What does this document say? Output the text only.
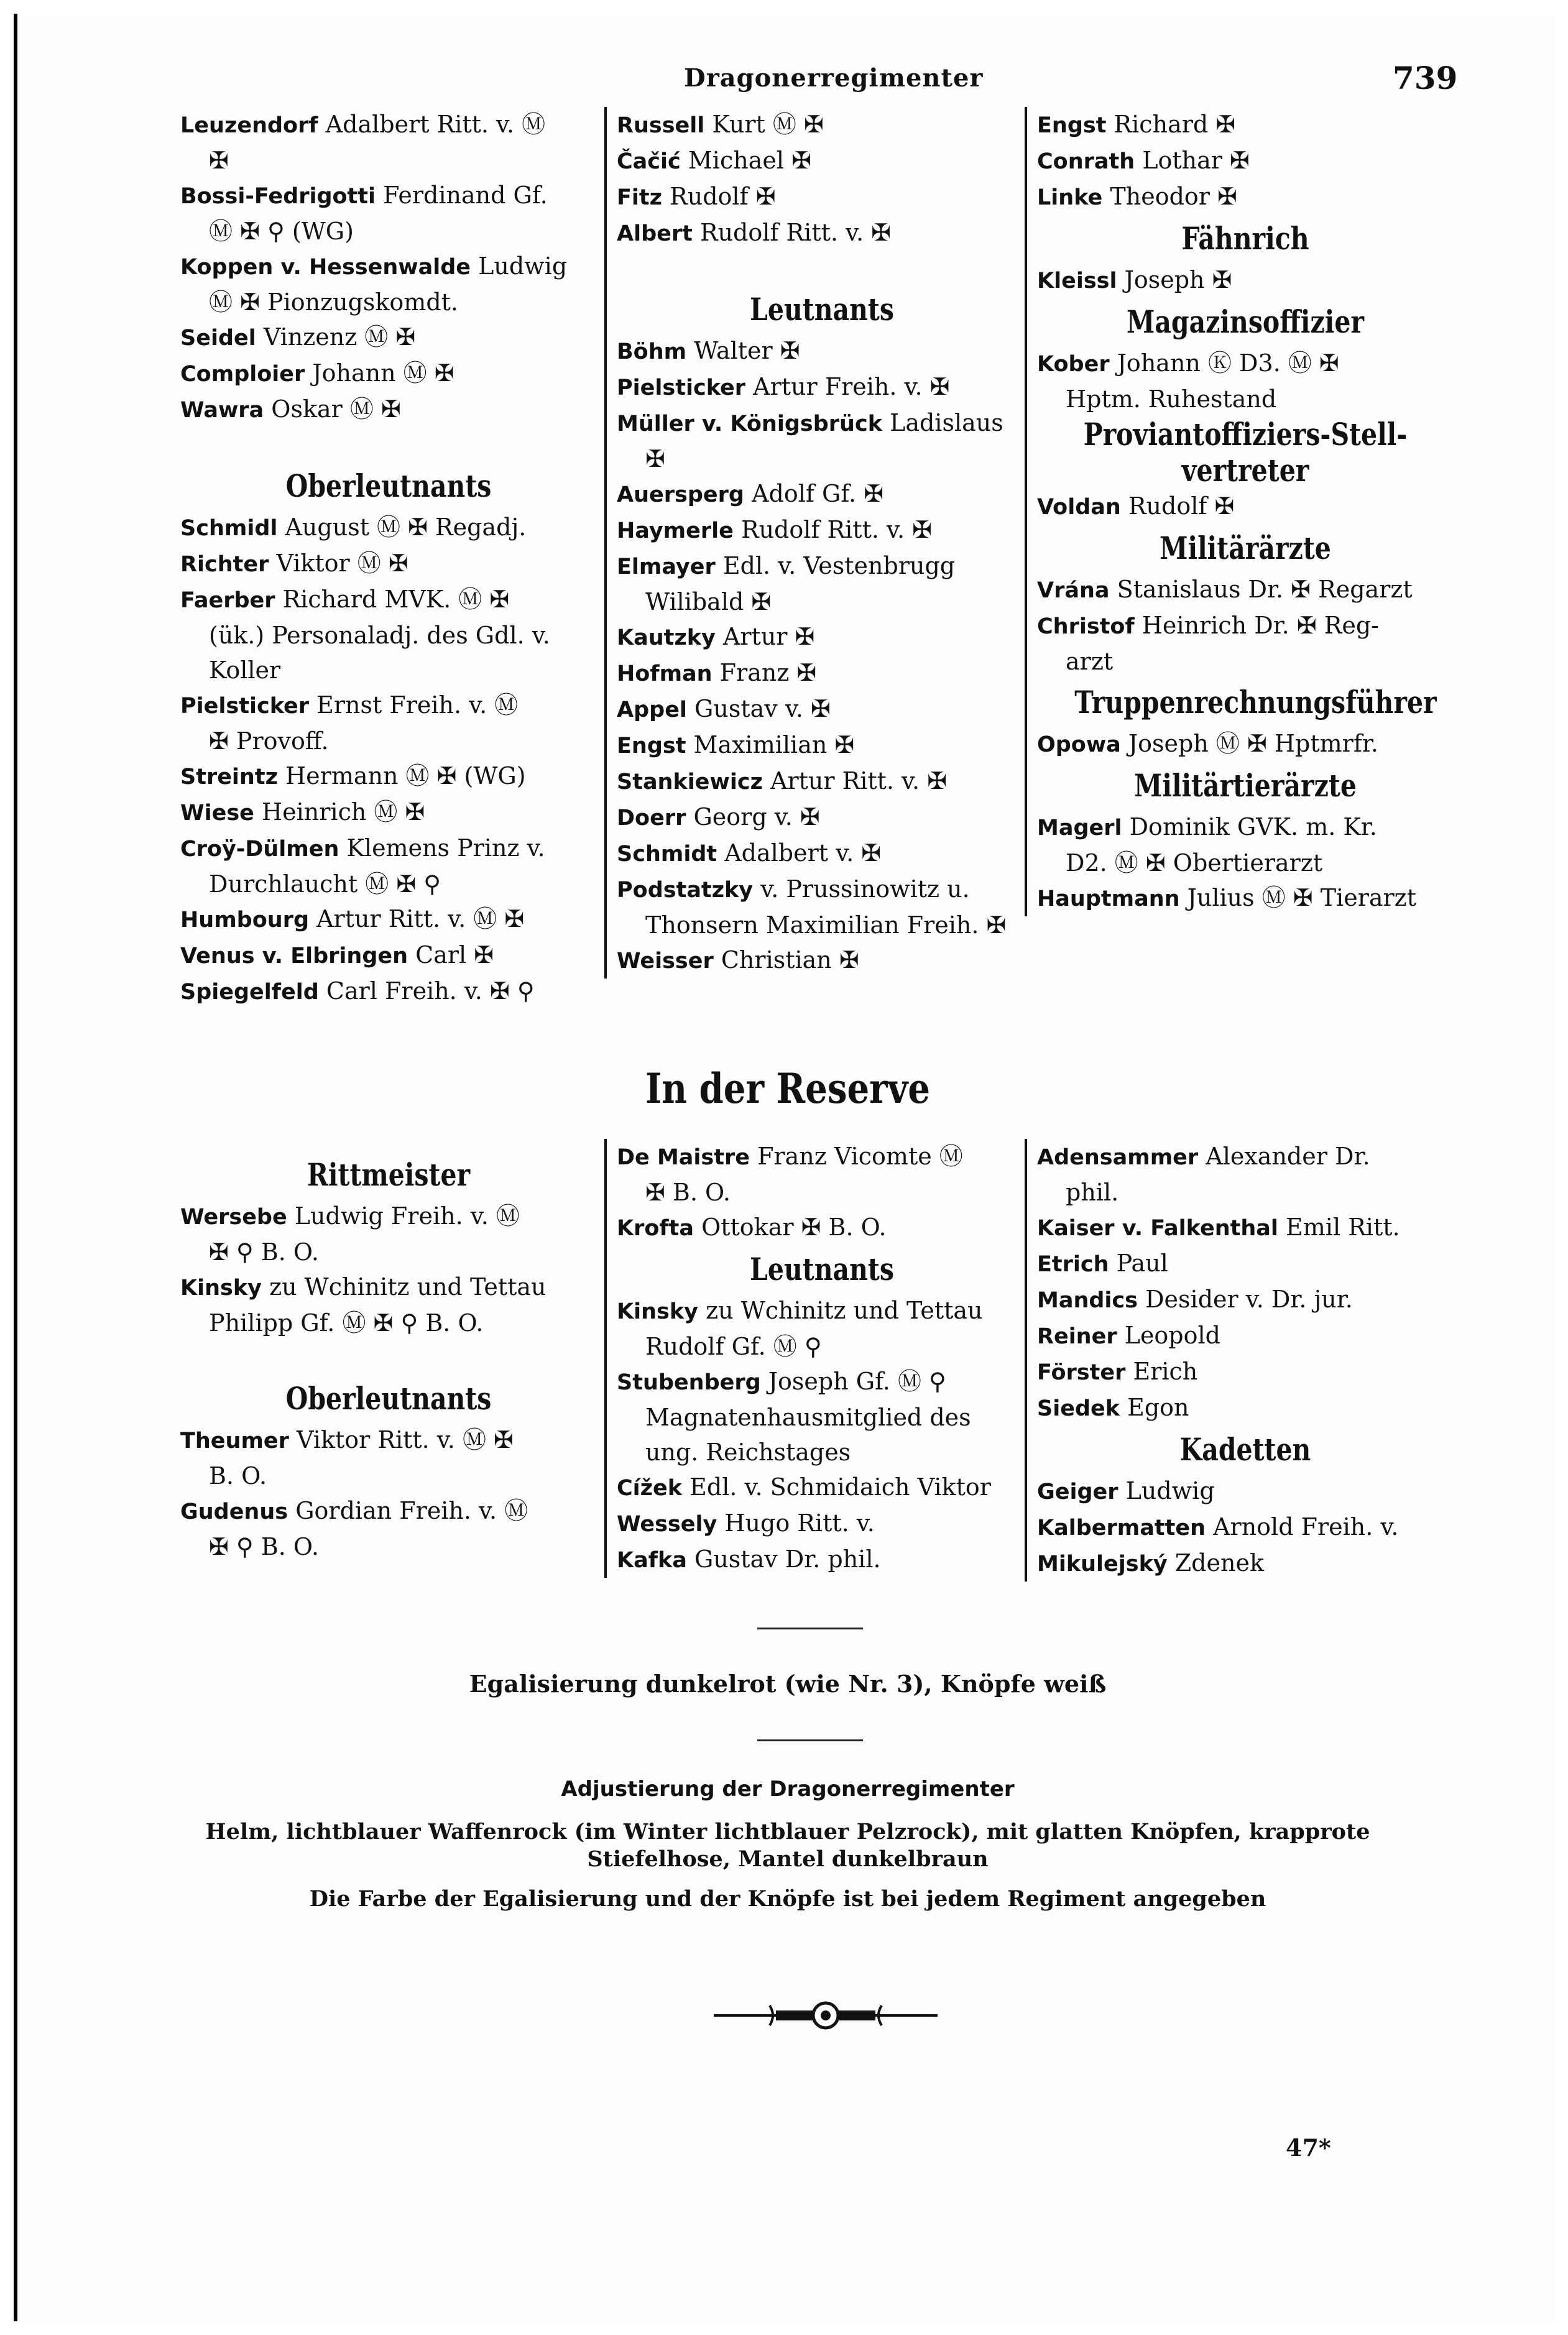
Dragonerregimenter	739
Leuzendorf Adalbert Ritt. v. Ⓜ
✠
Bossi-Fedrigotti Ferdinand Gf.
Ⓜ ✠ ⚲ (WG)
Koppen v. Hessenwalde Ludwig
Ⓜ ✠ Pionzugskomdt.
Seidel Vinzenz Ⓜ ✠
Comploier Johann Ⓜ ✠
Wawra Oskar Ⓜ ✠
Oberleutnants
Schmidl August Ⓜ ✠ Regadj.
Richter Viktor Ⓜ ✠
Faerber Richard MVK. Ⓜ ✠
(ük.) Personaladj. des Gdl. v. Koller
Pielsticker Ernst Freih. v. Ⓜ
✠ Provoff.
Streintz Hermann Ⓜ ✠ (WG)
Wiese Heinrich Ⓜ ✠
Croÿ-Dülmen Klemens Prinz v.
Durchlaucht Ⓜ ✠ ⚲
Humbourg Artur Ritt. v. Ⓜ ✠
Venus v. Elbringen Carl ✠
Spiegelfeld Carl Freih. v. ✠ ⚲
Russell Kurt Ⓜ ✠
Čačić Michael ✠
Fitz Rudolf ✠
Albert Rudolf Ritt. v. ✠
Leutnants
Böhm Walter ✠
Pielsticker Artur Freih. v. ✠
Müller v. Königsbrück Ladislaus
✠
Auersperg Adolf Gf. ✠
Haymerle Rudolf Ritt. v. ✠
Elmayer Edl. v. Vestenbrugg
Wilibald ✠
Kautzky Artur ✠
Hofman Franz ✠
Appel Gustav v. ✠
Engst Maximilian ✠
Stankiewicz Artur Ritt. v. ✠
Doerr Georg v. ✠
Schmidt Adalbert v. ✠
Podstatzky v. Prussinowitz u.
Thonsern Maximilian Freih. ✠
Weisser Christian ✠
Engst Richard ✠
Conrath Lothar ✠
Linke Theodor ✠
Fähnrich
Kleissl Joseph ✠
Magazinsoffizier
Kober Johann Ⓚ D3. Ⓜ ✠
Hptm. Ruhestand
Proviantoffiziers-Stell-vertreter
Voldan Rudolf ✠
Militärärzte
Vrána Stanislaus Dr. ✠ Regarzt
Christof Heinrich Dr. ✠ Reg-
arzt
Truppenrechnungsführer
Opowa Joseph Ⓜ ✠ Hptmrfr.
Militärtierärzte
Magerl Dominik GVK. m. Kr.
D2. Ⓜ ✠ Obertierarzt
Hauptmann Julius Ⓜ ✠ Tierarzt
In der Reserve
Rittmeister
Wersebe Ludwig Freih. v. Ⓜ
✠ ⚲ B. O.
Kinsky zu Wchinitz und Tettau
Philipp Gf. Ⓜ ✠ ⚲ B. O.
Oberleutnants
Theumer Viktor Ritt. v. Ⓜ ✠
B. O.
Gudenus Gordian Freih. v. Ⓜ
✠ ⚲ B. O.
De Maistre Franz Vicomte Ⓜ
✠ B. O.
Krofta Ottokar ✠ B. O.
Leutnants
Kinsky zu Wchinitz und Tettau
Rudolf Gf. Ⓜ ⚲
Stubenberg Joseph Gf. Ⓜ ⚲
Magnatenhausmitglied des ung. Reichstages
Cížek Edl. v. Schmidaich Viktor
Wessely Hugo Ritt. v.
Kafka Gustav Dr. phil.
Adensammer Alexander Dr.
phil.
Kaiser v. Falkenthal Emil Ritt.
Etrich Paul
Mandics Desider v. Dr. jur.
Reiner Leopold
Förster Erich
Siedek Egon
Kadetten
Geiger Ludwig
Kalbermatten Arnold Freih. v.
Mikulejský Zdenek
Egalisierung dunkelrot (wie Nr. 3), Knöpfe weiß
Adjustierung der Dragonerregimenter
Helm, lichtblauer Waffenrock (im Winter lichtblauer Pelzrock), mit glatten Knöpfen, krapprote
Stiefelhose, Mantel dunkelbraun
Die Farbe der Egalisierung und der Knöpfe ist bei jedem Regiment angegeben
47*
